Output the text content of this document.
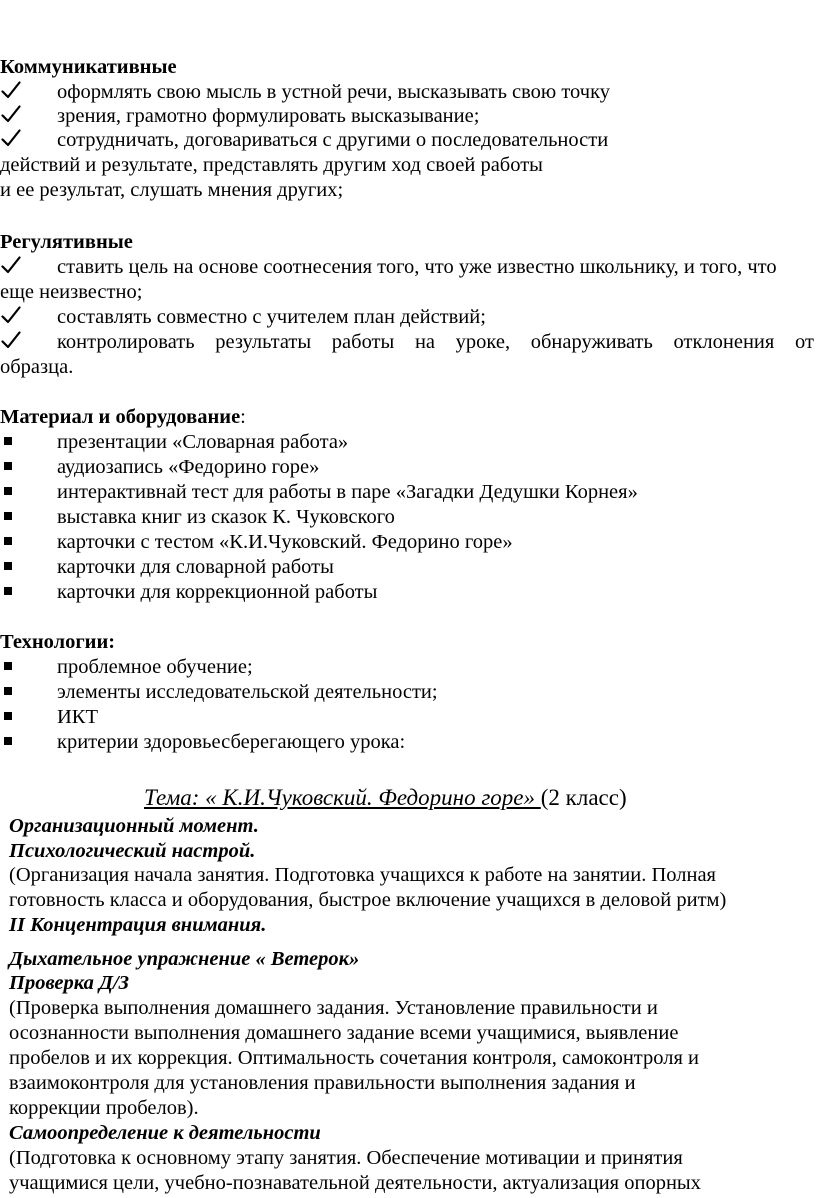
Коммуникативные
оформлять свою мысль в устной речи, высказывать свою точку
зрения, грамотно формулировать высказывание;
сотрудничать, договариваться с другими о последовательности
действий и результате, представлять другим ход своей работы
и ее результат, слушать мнения других;
Регулятивные
ставить цель на основе соотнесения того, что уже известно школьнику, и того, что
еще неизвестно;
составлять совместно с учителем план действий;
контролировать результаты работы на уроке, обнаруживать отклонения от
образца.
Материал и оборудование:
презентации «Словарная работа»
аудиозапись «Федорино горе»
интерактивнай тест для работы в паре «Загадки Дедушки Корнея»
выставка книг из сказок К. Чуковского
карточки с тестом «К.И.Чуковский. Федорино горе»
карточки для словарной работы
карточки для коррекционной работы
Технологии:
проблемное обучение;
элементы исследовательской деятельности;
ИКТ
критерии здоровьесберегающего урока:
Тема: « К.И.Чуковский. Федорино горе» (2 класс)
Организационный момент.
Психологический настрой.
(Организация начала занятия. Подготовка учащихся к работе на занятии. Полная
готовность класса и оборудования, быстрое включение учащихся в деловой ритм)
II Концентрация внимания.
Дыхательное упражнение « Ветерок»
Проверка Д/З
(Проверка выполнения домашнего задания. Установление правильности и
осознанности выполнения домашнего задание всеми учащимися, выявление
пробелов и их коррекция. Оптимальность сочетания контроля, самоконтроля и
взаимоконтроля для установления правильности выполнения задания и
коррекции пробелов).
Самоопределение к деятельности
(Подготовка к основному этапу занятия. Обеспечение мотивации и принятия
учащимися цели, учебно-познавательной деятельности, актуализация опорных
